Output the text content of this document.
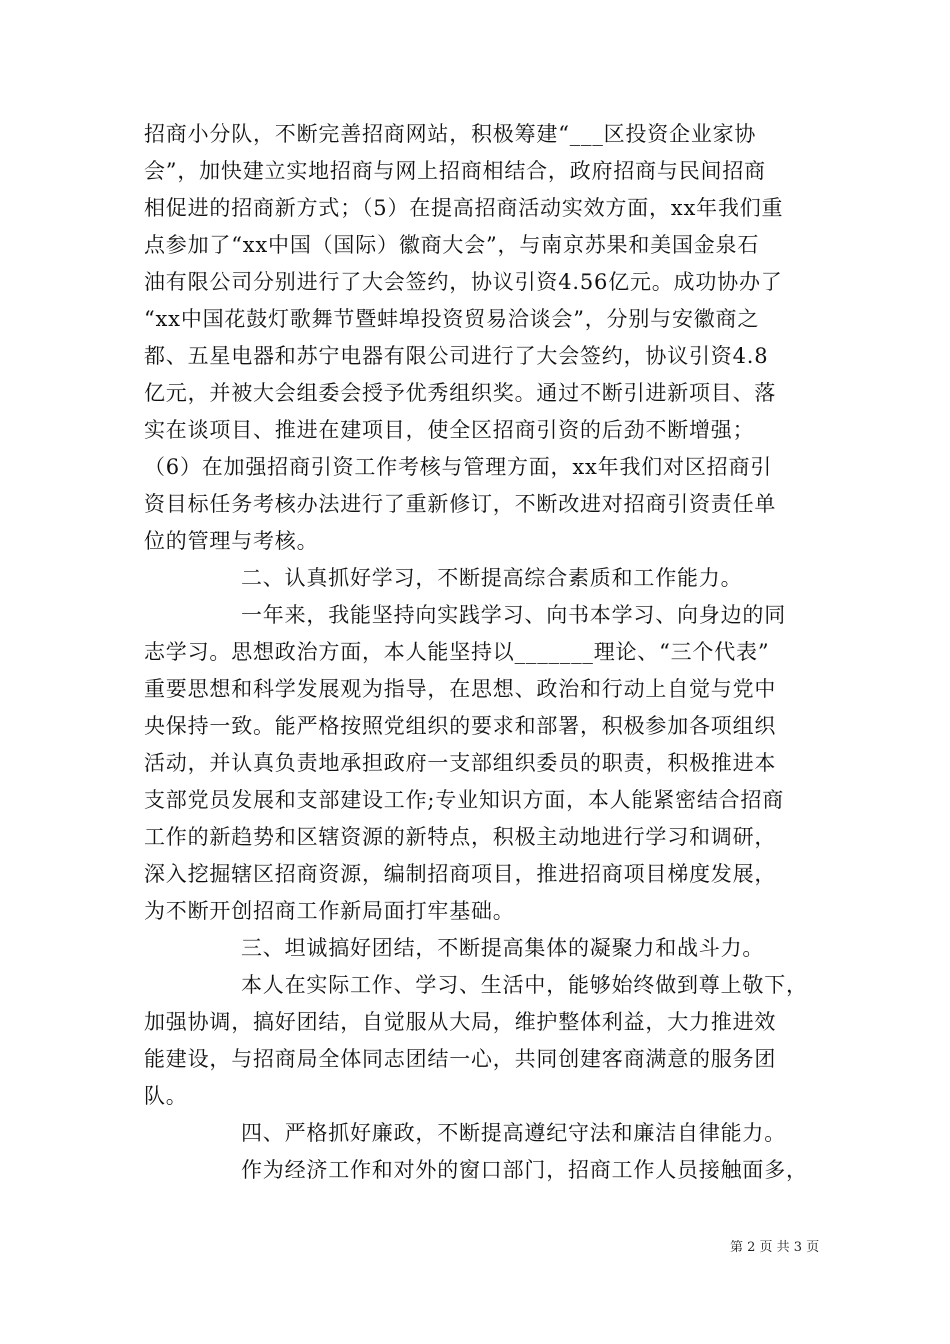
招商小分队，不断完善招商网站，积极筹建“___区投资企业家协
会”，加快建立实地招商与网上招商相结合，政府招商与民间招商
相促进的招商新方式；（5）在提高招商活动实效方面，xx年我们重
点参加了“xx中国（国际）徽商大会”，与南京苏果和美国金泉石
油有限公司分别进行了大会签约，协议引资4.56亿元。成功协办了
“xx中国花鼓灯歌舞节暨蚌埠投资贸易洽谈会”，分别与安徽商之
都、五星电器和苏宁电器有限公司进行了大会签约，协议引资4.8
亿元，并被大会组委会授予优秀组织奖。通过不断引进新项目、落
实在谈项目、推进在建项目，使全区招商引资的后劲不断增强；
（6）在加强招商引资工作考核与管理方面，xx年我们对区招商引
资目标任务考核办法进行了重新修订，不断改进对招商引资责任单
位的管理与考核。
二、认真抓好学习，不断提高综合素质和工作能力。
一年来，我能坚持向实践学习、向书本学习、向身边的同
志学习。思想政治方面，本人能坚持以_______理论、“三个代表”
重要思想和科学发展观为指导，在思想、政治和行动上自觉与党中
央保持一致。能严格按照党组织的要求和部署，积极参加各项组织
活动，并认真负责地承担政府一支部组织委员的职责，积极推进本
支部党员发展和支部建设工作;专业知识方面，本人能紧密结合招商
工作的新趋势和区辖资源的新特点，积极主动地进行学习和调研，
深入挖掘辖区招商资源，编制招商项目，推进招商项目梯度发展，
为不断开创招商工作新局面打牢基础。
三、坦诚搞好团结，不断提高集体的凝聚力和战斗力。
本人在实际工作、学习、生活中，能够始终做到尊上敬下，
加强协调，搞好团结，自觉服从大局，维护整体利益，大力推进效
能建设，与招商局全体同志团结一心，共同创建客商满意的服务团
队。
四、严格抓好廉政，不断提高遵纪守法和廉洁自律能力。
作为经济工作和对外的窗口部门，招商工作人员接触面多，
第 2 页 共 3 页
